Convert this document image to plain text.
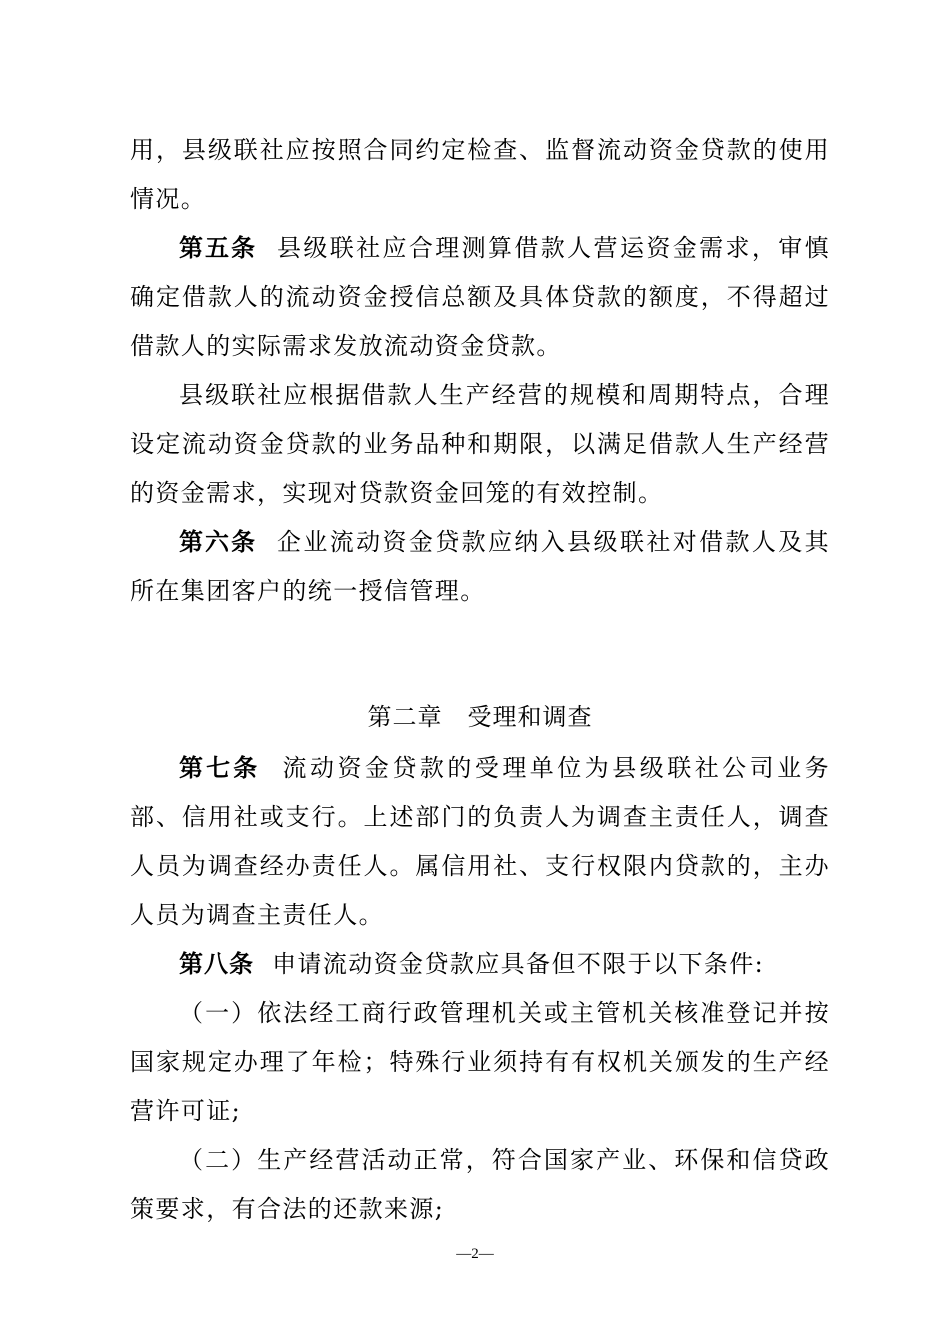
用，县级联社应按照合同约定检查、监督流动资金贷款的使用情况。

第五条 县级联社应合理测算借款人营运资金需求，审慎确定借款人的流动资金授信总额及具体贷款的额度，不得超过借款人的实际需求发放流动资金贷款。

县级联社应根据借款人生产经营的规模和周期特点，合理设定流动资金贷款的业务品种和期限，以满足借款人生产经营的资金需求，实现对贷款资金回笼的有效控制。

第六条 企业流动资金贷款应纳入县级联社对借款人及其所在集团客户的统一授信管理。

第二章　受理和调查

第七条 流动资金贷款的受理单位为县级联社公司业务部、信用社或支行。上述部门的负责人为调查主责任人，调查人员为调查经办责任人。属信用社、支行权限内贷款的，主办人员为调查主责任人。

第八条 申请流动资金贷款应具备但不限于以下条件:

（一）依法经工商行政管理机关或主管机关核准登记并按国家规定办理了年检；特殊行业须持有有权机关颁发的生产经营许可证;

（二）生产经营活动正常，符合国家产业、环保和信贷政策要求，有合法的还款来源;

—2—
